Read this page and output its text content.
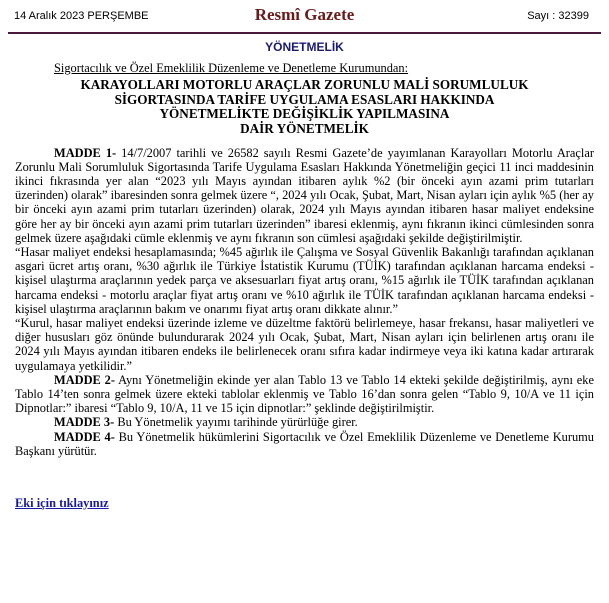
14 Aralık 2023 PERŞEMBE	Resmî Gazete	Sayı : 32399
YÖNETMELİK
Sigortacılık ve Özel Emeklilik Düzenleme ve Denetleme Kurumundan:
KARAYOLLARI MOTORLU ARAÇLAR ZORUNLU MALİ SORUMLULUK
SİGORTASINDA TARİFE UYGULAMA ESASLARI HAKKINDA
YÖNETMELİKTE DEĞİŞİKLİK YAPILMASINA
DAİR YÖNETMELİK

MADDE 1- 14/7/2007 tarihli ve 26582 sayılı Resmi Gazete’de yayımlanan Karayolları Motorlu Araçlar Zorunlu Mali Sorumluluk Sigortasında Tarife Uygulama Esasları Hakkında Yönetmeliğin geçici 11 inci maddesinin ikinci fıkrasında yer alan “2023 yılı Mayıs ayından itibaren aylık %2 (bir önceki ayın azami prim tutarları üzerinden) olarak” ibaresinden sonra gelmek üzere “, 2024 yılı Ocak, Şubat, Mart, Nisan ayları için aylık %5 (her ay bir önceki ayın azami prim tutarları üzerinden) olarak, 2024 yılı Mayıs ayından itibaren hasar maliyet endeksine göre her ay bir önceki ayın azami prim tutarları üzerinden” ibaresi eklenmiş, aynı fıkranın ikinci cümlesinden sonra gelmek üzere aşağıdaki cümle eklenmiş ve aynı fıkranın son cümlesi aşağıdaki şekilde değiştirilmiştir.

“Hasar maliyet endeksi hesaplamasında; %45 ağırlık ile Çalışma ve Sosyal Güvenlik Bakanlığı tarafından açıklanan asgari ücret artış oranı, %30 ağırlık ile Türkiye İstatistik Kurumu (TÜİK) tarafından açıklanan harcama endeksi - kişisel ulaştırma araçlarının yedek parça ve aksesuarları fiyat artış oranı, %15 ağırlık ile TÜİK tarafından açıklanan harcama endeksi - motorlu araçlar fiyat artış oranı ve %10 ağırlık ile TÜİK tarafından açıklanan harcama endeksi - kişisel ulaştırma araçlarının bakım ve onarımı fiyat artış oranı dikkate alınır.”

“Kurul, hasar maliyet endeksi üzerinde izleme ve düzeltme faktörü belirlemeye, hasar frekansı, hasar maliyetleri ve diğer hususları göz önünde bulundurarak 2024 yılı Ocak, Şubat, Mart, Nisan ayları için belirlenen artış oranı ile 2024 yılı Mayıs ayından itibaren endeks ile belirlenecek oranı sıfıra kadar indirmeye veya iki katına kadar artırarak uygulamaya yetkilidir.”

MADDE 2- Aynı Yönetmeliğin ekinde yer alan Tablo 13 ve Tablo 14 ekteki şekilde değiştirilmiş, aynı eke Tablo 14’ten sonra gelmek üzere ekteki tablolar eklenmiş ve Tablo 16’dan sonra gelen “Tablo 9, 10/A ve 11 için Dipnotlar:” ibaresi “Tablo 9, 10/A, 11 ve 15 için dipnotlar:” şeklinde değiştirilmiştir.

MADDE 3- Bu Yönetmelik yayımı tarihinde yürürlüğe girer.

MADDE 4- Bu Yönetmelik hükümlerini Sigortacılık ve Özel Emeklilik Düzenleme ve Denetleme Kurumu Başkanı yürütür.

Eki için tıklayınız
